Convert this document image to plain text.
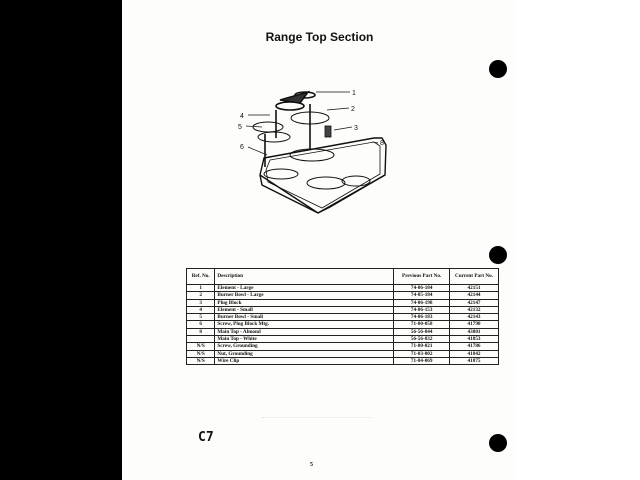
Range Top Section
1
2
3
4
5
6
8
Ref. No.	Description	Previous Part No.	Current Part No.
1	Element - Large	74-06-184	42151
2	Burner Bowl - Large	74-05-184	42144
3	Plug Block	74-06-198	42147
4	Element - Small	74-06-153	42132
5	Burner Bowl - Small	74-06-183	42143
6	Screw, Plug Block Mtg.	71-00-058	41790
8	Main Top - Almond	56-56-844	43801
	Main Top - White	56-56-832	41853
N/S	Screw, Grounding	71-00-021	41786
N/S	Nut, Grounding	71-03-002	41842
N/S	Wire Clip	71-04-069	41875
C7
5
